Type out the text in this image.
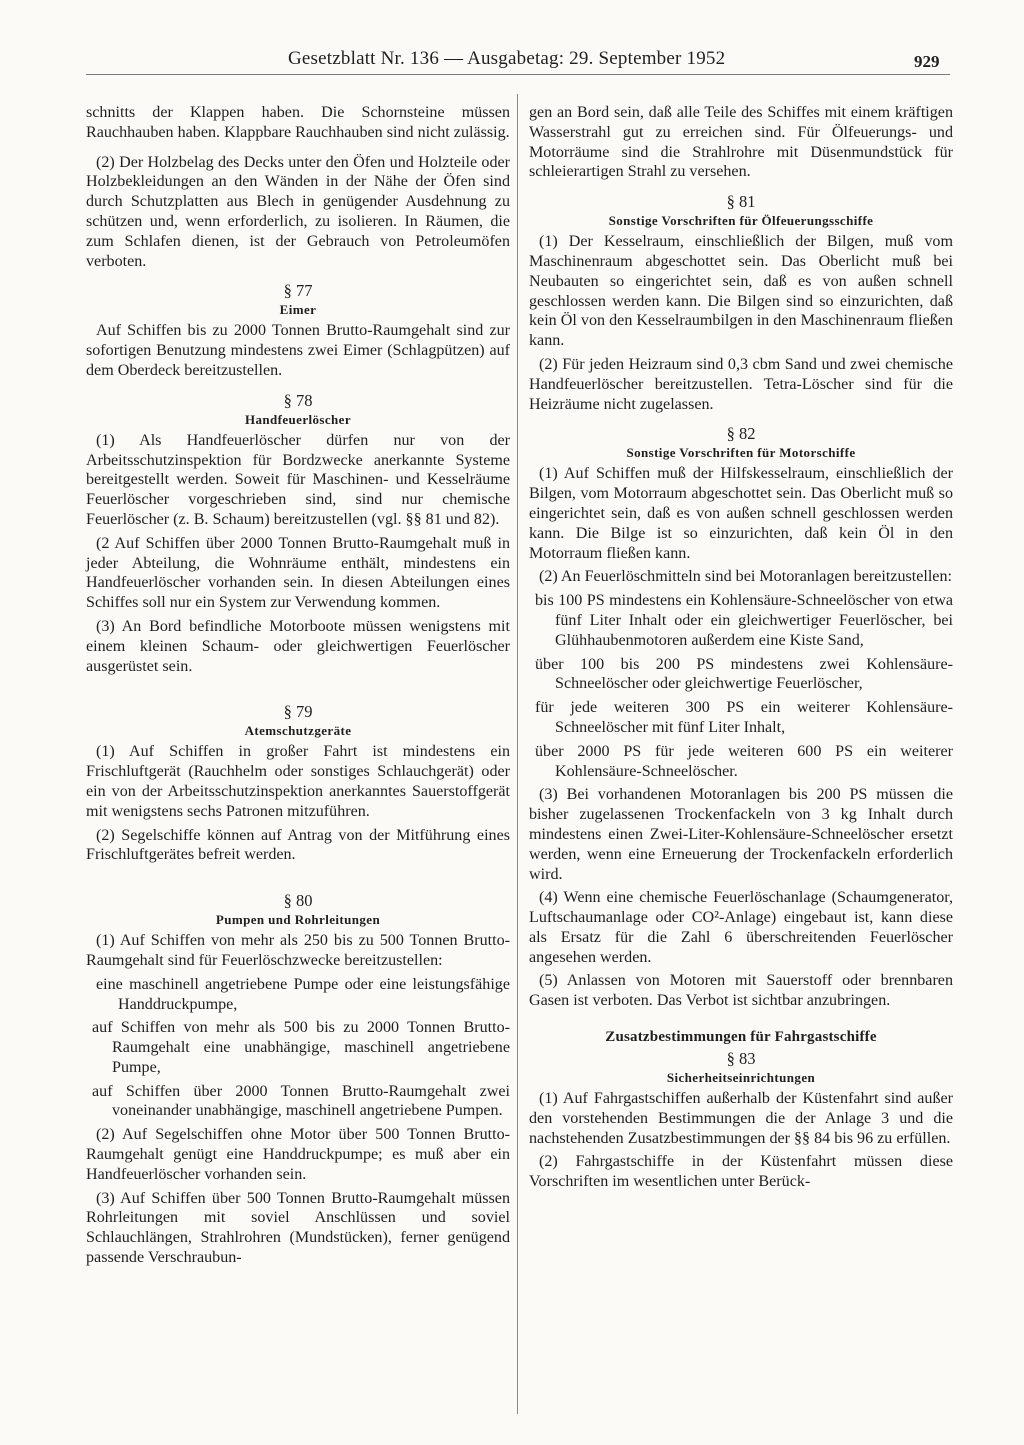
Gesetzblatt Nr. 136 — Ausgabetag: 29. September 1952	929

schnitts der Klappen haben. Die Schornsteine müssen Rauchhauben haben. Klappbare Rauchhauben sind nicht zulässig.

(2) Der Holzbelag des Decks unter den Öfen und Holzteile oder Holzbekleidungen an den Wänden in der Nähe der Öfen sind durch Schutzplatten aus Blech in genügender Ausdehnung zu schützen und, wenn erforderlich, zu isolieren. In Räumen, die zum Schlafen dienen, ist der Gebrauch von Petroleumöfen verboten.

§ 77

Eimer

Auf Schiffen bis zu 2000 Tonnen Brutto-Raumgehalt sind zur sofortigen Benutzung mindestens zwei Eimer (Schlagpützen) auf dem Oberdeck bereitzustellen.

§ 78

Handfeuerlöscher

(1) Als Handfeuerlöscher dürfen nur von der Arbeitsschutzinspektion für Bordzwecke anerkannte Systeme bereitgestellt werden. Soweit für Maschinen- und Kesselräume Feuerlöscher vorgeschrieben sind, sind nur chemische Feuerlöscher (z. B. Schaum) bereitzustellen (vgl. §§ 81 und 82).

(2 Auf Schiffen über 2000 Tonnen Brutto-Raumgehalt muß in jeder Abteilung, die Wohnräume enthält, mindestens ein Handfeuerlöscher vorhanden sein. In diesen Abteilungen eines Schiffes soll nur ein System zur Verwendung kommen.

(3) An Bord befindliche Motorboote müssen wenigstens mit einem kleinen Schaum- oder gleichwertigen Feuerlöscher ausgerüstet sein.

§ 79

Atemschutzgeräte

(1) Auf Schiffen in großer Fahrt ist mindestens ein Frischluftgerät (Rauchhelm oder sonstiges Schlauchgerät) oder ein von der Arbeitsschutzinspektion anerkanntes Sauerstoffgerät mit wenigstens sechs Patronen mitzuführen.

(2) Segelschiffe können auf Antrag von der Mitführung eines Frischluftgerätes befreit werden.

§ 80

Pumpen und Rohrleitungen

(1) Auf Schiffen von mehr als 250 bis zu 500 Tonnen Brutto-Raumgehalt sind für Feuerlöschzwecke bereitzustellen:

eine maschinell angetriebene Pumpe oder eine leistungsfähige Handdruckpumpe,

auf Schiffen von mehr als 500 bis zu 2000 Tonnen Brutto-Raumgehalt eine unabhängige, maschinell angetriebene Pumpe,

auf Schiffen über 2000 Tonnen Brutto-Raumgehalt zwei voneinander unabhängige, maschinell angetriebene Pumpen.

(2) Auf Segelschiffen ohne Motor über 500 Tonnen Brutto-Raumgehalt genügt eine Handdruckpumpe; es muß aber ein Handfeuerlöscher vorhanden sein.

(3) Auf Schiffen über 500 Tonnen Brutto-Raumgehalt müssen Rohrleitungen mit soviel Anschlüssen und soviel Schlauchlängen, Strahlrohren (Mundstücken), ferner genügend passende Verschraubun-

gen an Bord sein, daß alle Teile des Schiffes mit einem kräftigen Wasserstrahl gut zu erreichen sind. Für Ölfeuerungs- und Motorräume sind die Strahlrohre mit Düsenmundstück für schleierartigen Strahl zu versehen.

§ 81

Sonstige Vorschriften für Ölfeuerungsschiffe

(1) Der Kesselraum, einschließlich der Bilgen, muß vom Maschinenraum abgeschottet sein. Das Oberlicht muß bei Neubauten so eingerichtet sein, daß es von außen schnell geschlossen werden kann. Die Bilgen sind so einzurichten, daß kein Öl von den Kesselraumbilgen in den Maschinenraum fließen kann.

(2) Für jeden Heizraum sind 0,3 cbm Sand und zwei chemische Handfeuerlöscher bereitzustellen. Tetra-Löscher sind für die Heizräume nicht zugelassen.

§ 82

Sonstige Vorschriften für Motorschiffe

(1) Auf Schiffen muß der Hilfskesselraum, einschließlich der Bilgen, vom Motorraum abgeschottet sein. Das Oberlicht muß so eingerichtet sein, daß es von außen schnell geschlossen werden kann. Die Bilge ist so einzurichten, daß kein Öl in den Motorraum fließen kann.

(2) An Feuerlöschmitteln sind bei Motoranlagen bereitzustellen:

bis 100 PS mindestens ein Kohlensäure-Schneelöscher von etwa fünf Liter Inhalt oder ein gleichwertiger Feuerlöscher, bei Glühhaubenmotoren außerdem eine Kiste Sand,

über 100 bis 200 PS mindestens zwei Kohlensäure-Schneelöscher oder gleichwertige Feuerlöscher,

für jede weiteren 300 PS ein weiterer Kohlensäure-Schneelöscher mit fünf Liter Inhalt,

über 2000 PS für jede weiteren 600 PS ein weiterer Kohlensäure-Schneelöscher.

(3) Bei vorhandenen Motoranlagen bis 200 PS müssen die bisher zugelassenen Trockenfackeln von 3 kg Inhalt durch mindestens einen Zwei-Liter-Kohlensäure-Schneelöscher ersetzt werden, wenn eine Erneuerung der Trockenfackeln erforderlich wird.

(4) Wenn eine chemische Feuerlöschanlage (Schaumgenerator, Luftschaumanlage oder CO²-Anlage) eingebaut ist, kann diese als Ersatz für die Zahl 6 überschreitenden Feuerlöscher angesehen werden.

(5) Anlassen von Motoren mit Sauerstoff oder brennbaren Gasen ist verboten. Das Verbot ist sichtbar anzubringen.

Zusatzbestimmungen für Fahrgastschiffe

§ 83

Sicherheitseinrichtungen

(1) Auf Fahrgastschiffen außerhalb der Küstenfahrt sind außer den vorstehenden Bestimmungen die der Anlage 3 und die nachstehenden Zusatzbestimmungen der §§ 84 bis 96 zu erfüllen.

(2) Fahrgastschiffe in der Küstenfahrt müssen diese Vorschriften im wesentlichen unter Berück-
